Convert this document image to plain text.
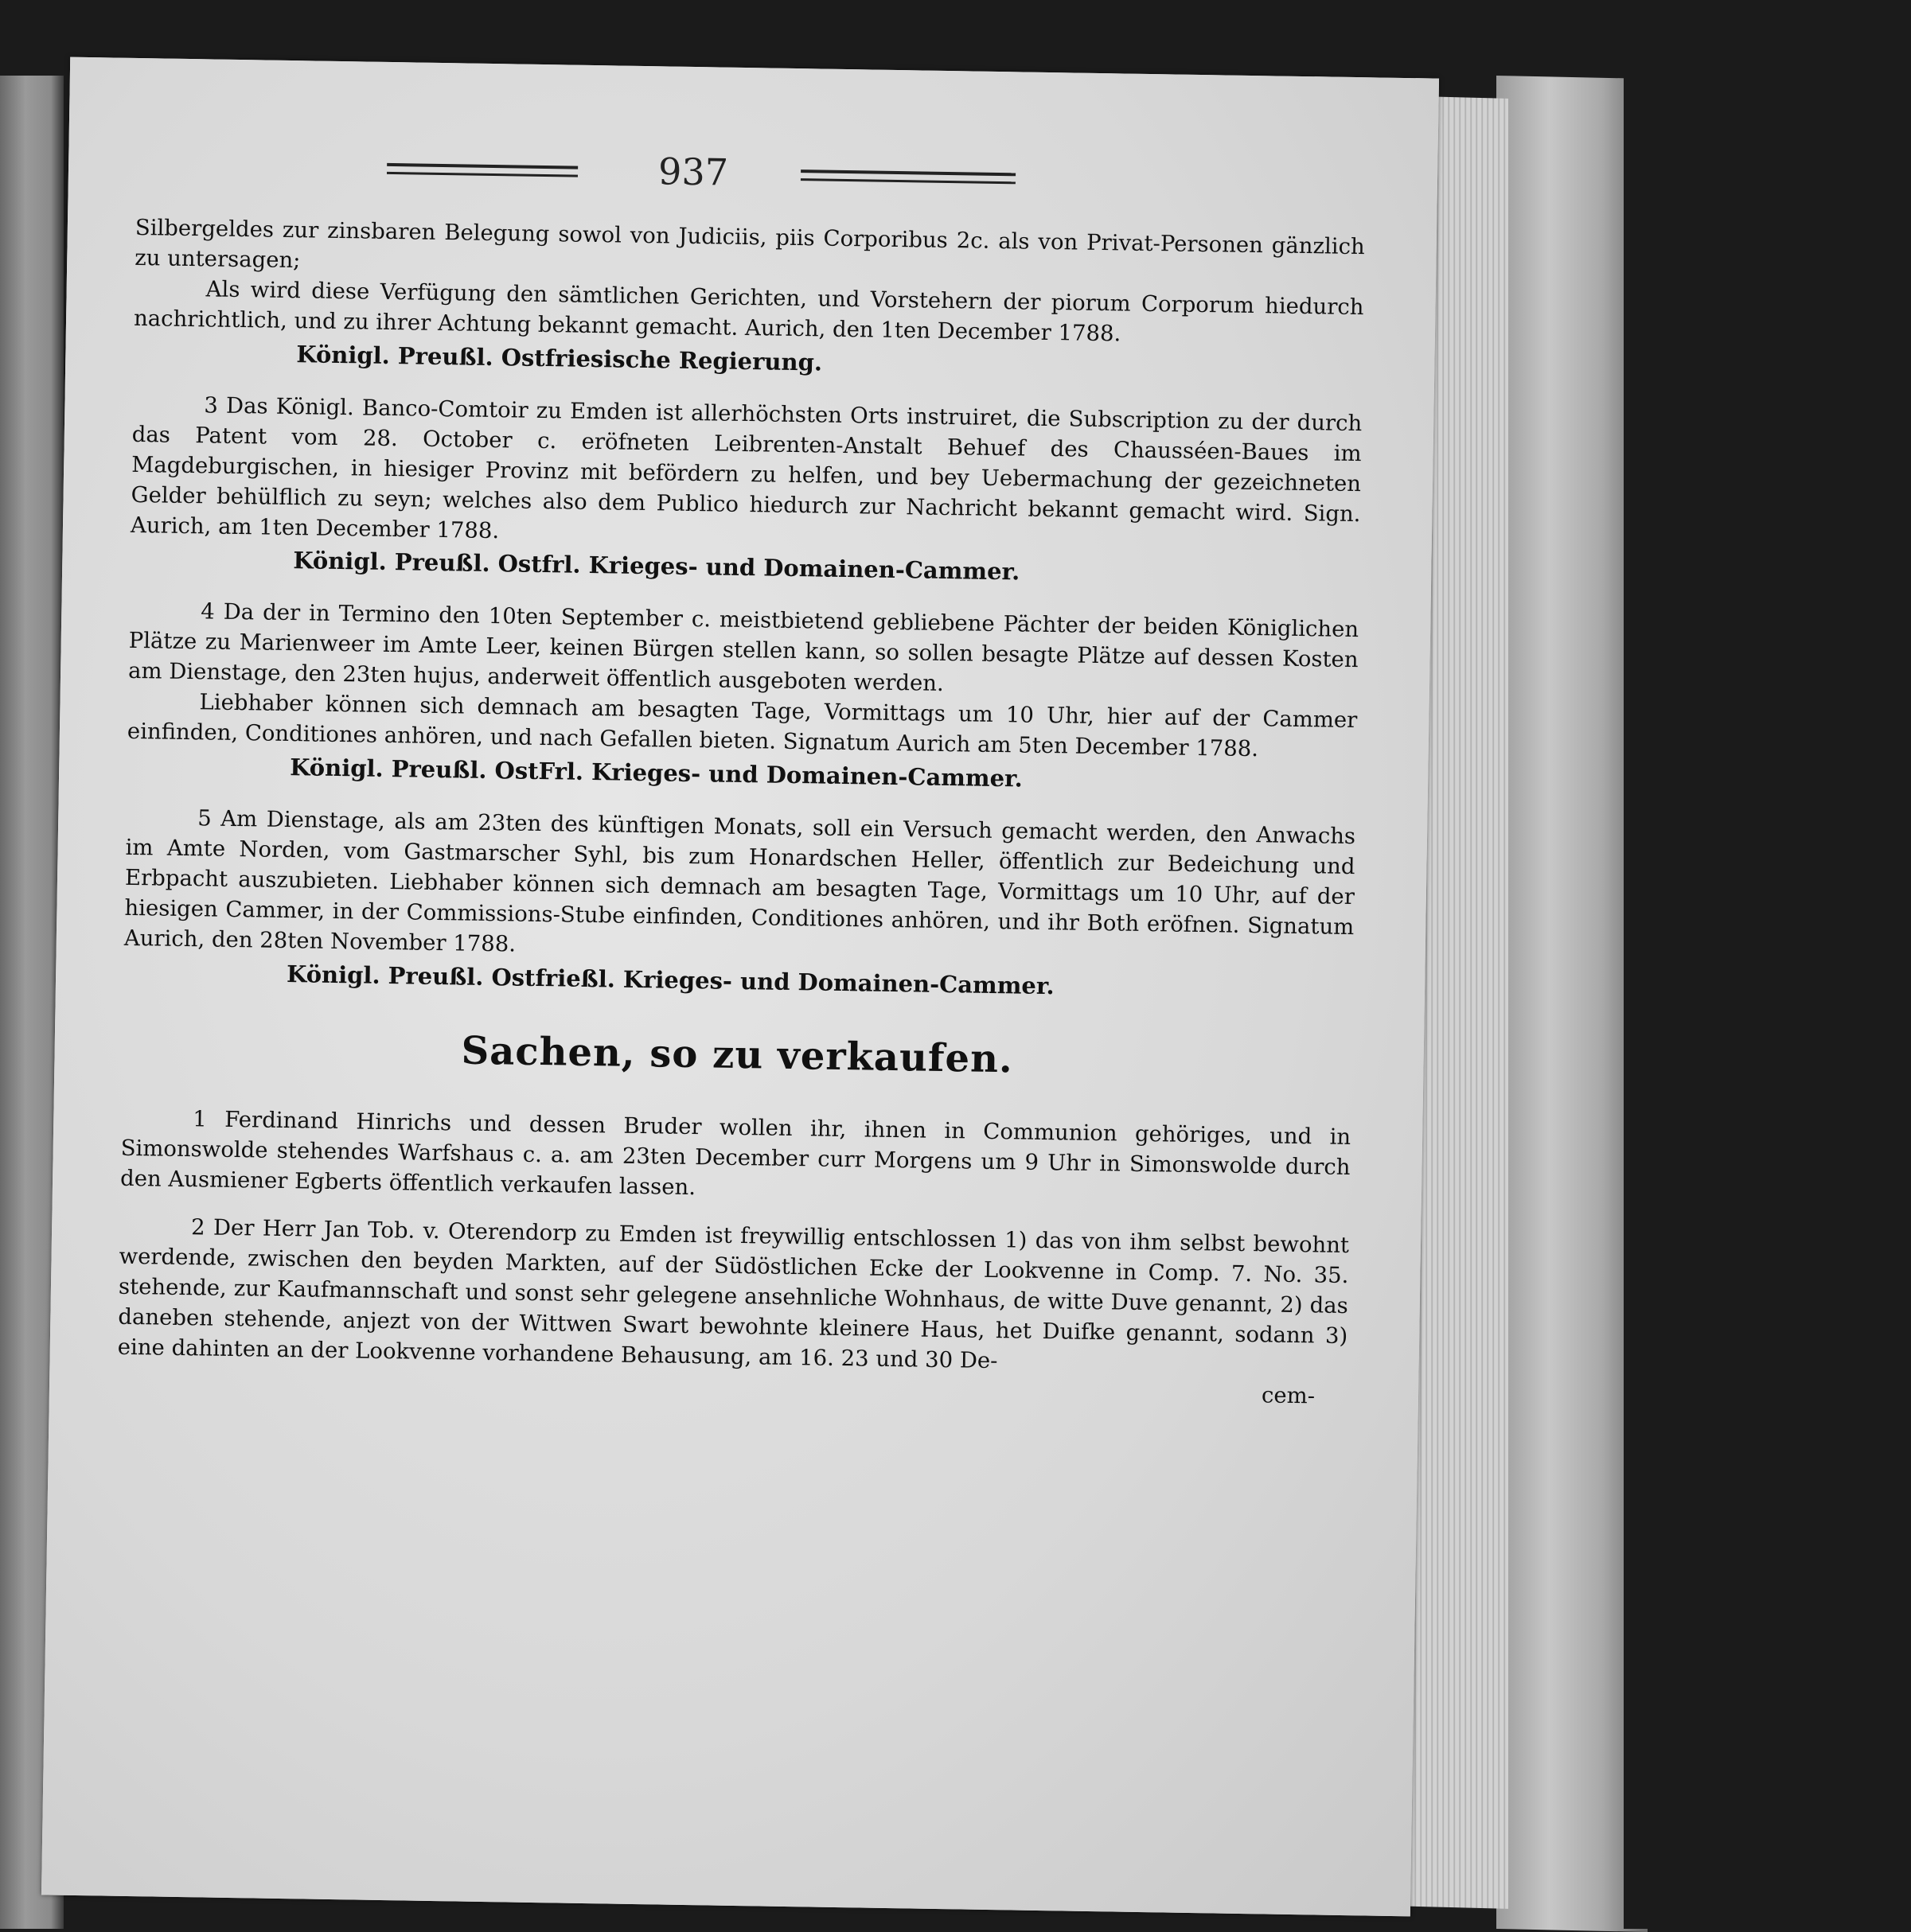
937

Silbergeldes zur zinsbaren Belegung sowol von Judiciis, piis Corporibus 2c. als von Privat-Personen gänzlich zu untersagen;

Als wird diese Verfügung den sämtlichen Gerichten, und Vorstehern der piorum Corporum hiedurch nachrichtlich, und zu ihrer Achtung bekannt gemacht. Aurich, den 1ten December 1788.

Königl. Preußl. Ostfriesische Regierung.

3 Das Königl. Banco-Comtoir zu Emden ist allerhöchsten Orts instruiret, die Subscription zu der durch das Patent vom 28. October c. eröfneten Leibrenten-Anstalt Behuef des Chausséen-Baues im Magdeburgischen, in hiesiger Provinz mit befördern zu helfen, und bey Uebermachung der gezeichneten Gelder behülflich zu seyn; welches also dem Publico hiedurch zur Nachricht bekannt gemacht wird. Sign. Aurich, am 1ten December 1788.

Königl. Preußl. Ostfrl. Krieges- und Domainen-Cammer.

4 Da der in Termino den 10ten September c. meistbietend gebliebene Pächter der beiden Königlichen Plätze zu Marienweer im Amte Leer, keinen Bürgen stellen kann, so sollen besagte Plätze auf dessen Kosten am Dienstage, den 23ten hujus, anderweit öffentlich ausgeboten werden.

Liebhaber können sich demnach am besagten Tage, Vormittags um 10 Uhr, hier auf der Cammer einfinden, Conditiones anhören, und nach Gefallen bieten. Signatum Aurich am 5ten December 1788.

Königl. Preußl. OstFrl. Krieges- und Domainen-Cammer.

5 Am Dienstage, als am 23ten des künftigen Monats, soll ein Versuch gemacht werden, den Anwachs im Amte Norden, vom Gastmarscher Syhl, bis zum Honardschen Heller, öffentlich zur Bedeichung und Erbpacht auszubieten. Liebhaber können sich demnach am besagten Tage, Vormittags um 10 Uhr, auf der hiesigen Cammer, in der Commissions-Stube einfinden, Conditiones anhören, und ihr Both eröfnen. Signatum Aurich, den 28ten November 1788.

Königl. Preußl. Ostfrießl. Krieges- und Domainen-Cammer.

Sachen, so zu verkaufen.

1 Ferdinand Hinrichs und dessen Bruder wollen ihr, ihnen in Communion gehöriges, und in Simonswolde stehendes Warfshaus c. a. am 23ten December curr Morgens um 9 Uhr in Simonswolde durch den Ausmiener Egberts öffentlich verkaufen lassen.

2 Der Herr Jan Tob. v. Oterendorp zu Emden ist freywillig entschlossen 1) das von ihm selbst bewohnt werdende, zwischen den beyden Markten, auf der Südöstlichen Ecke der Lookvenne in Comp. 7. No. 35. stehende, zur Kaufmannschaft und sonst sehr gelegene ansehnliche Wohnhaus, de witte Duve genannt, 2) das daneben stehende, anjezt von der Wittwen Swart bewohnte kleinere Haus, het Duifke genannt, sodann 3) eine dahinten an der Lookvenne vorhandene Behausung, am 16. 23 und 30 De-

cem-
